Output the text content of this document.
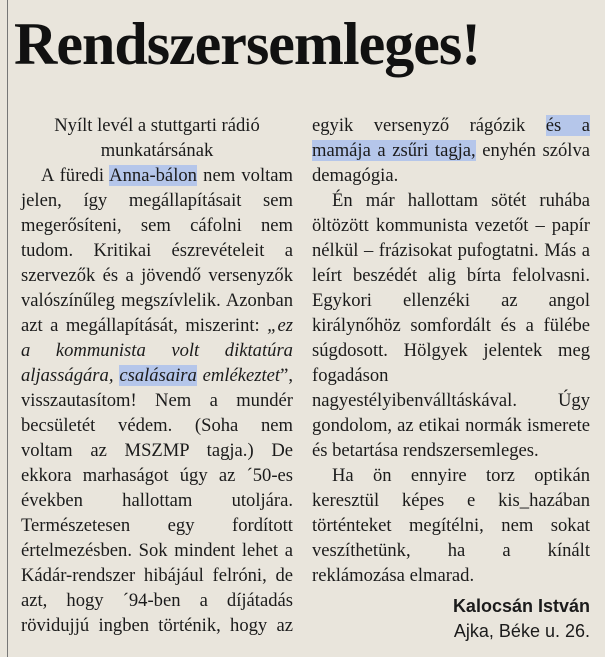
Rendszersemleges!

Nyílt levél a stuttgarti rádió munkatársának

A füredi Anna-bálon nem voltam jelen, így megállapításait sem megerősíteni, sem cáfolni nem tudom. Kritikai észrevételeit a szervezők és a jövendő versenyzők valószínűleg megszívlelik. Azonban azt a megállapítását, miszerint: „ez a kommunista volt diktatúra aljasságára, csalásaira emlékeztet”, visszautasítom! Nem a mundér becsületét védem. (Soha nem voltam az MSZMP tagja.) De ekkora marhaságot úgy az ´50-es években hallottam utoljára. Természetesen egy fordított értelmezésben. Sok mindent lehet a Kádár-rendszer hibájául felróni, de azt, hogy ´94-ben a díjátadás rövidujjú ingben történik, hogy az

egyik versenyző rágózik és a mamája a zsűri tagja, enyhén szólva demagógia.

Én már hallottam sötét ruhába öltözött kommunista vezetőt – papír nélkül – frázisokat pufogtatni. Más a leírt beszédét alig bírta felolvasni. Egykori ellenzéki az angol királynőhöz somfordált és a fülébe súgdosott. Hölgyek jelentek meg fogadáson nagyestélyibenválltáskával. Úgy gondolom, az etikai normák ismerete és betartása rendszersemleges.

Ha ön ennyire torz optikán keresztül képes e kis_hazában történteket megítélni, nem sokat veszíthetünk, ha a kínált reklámozása elmarad.

Kalocsán István
Ajka, Béke u. 26.
